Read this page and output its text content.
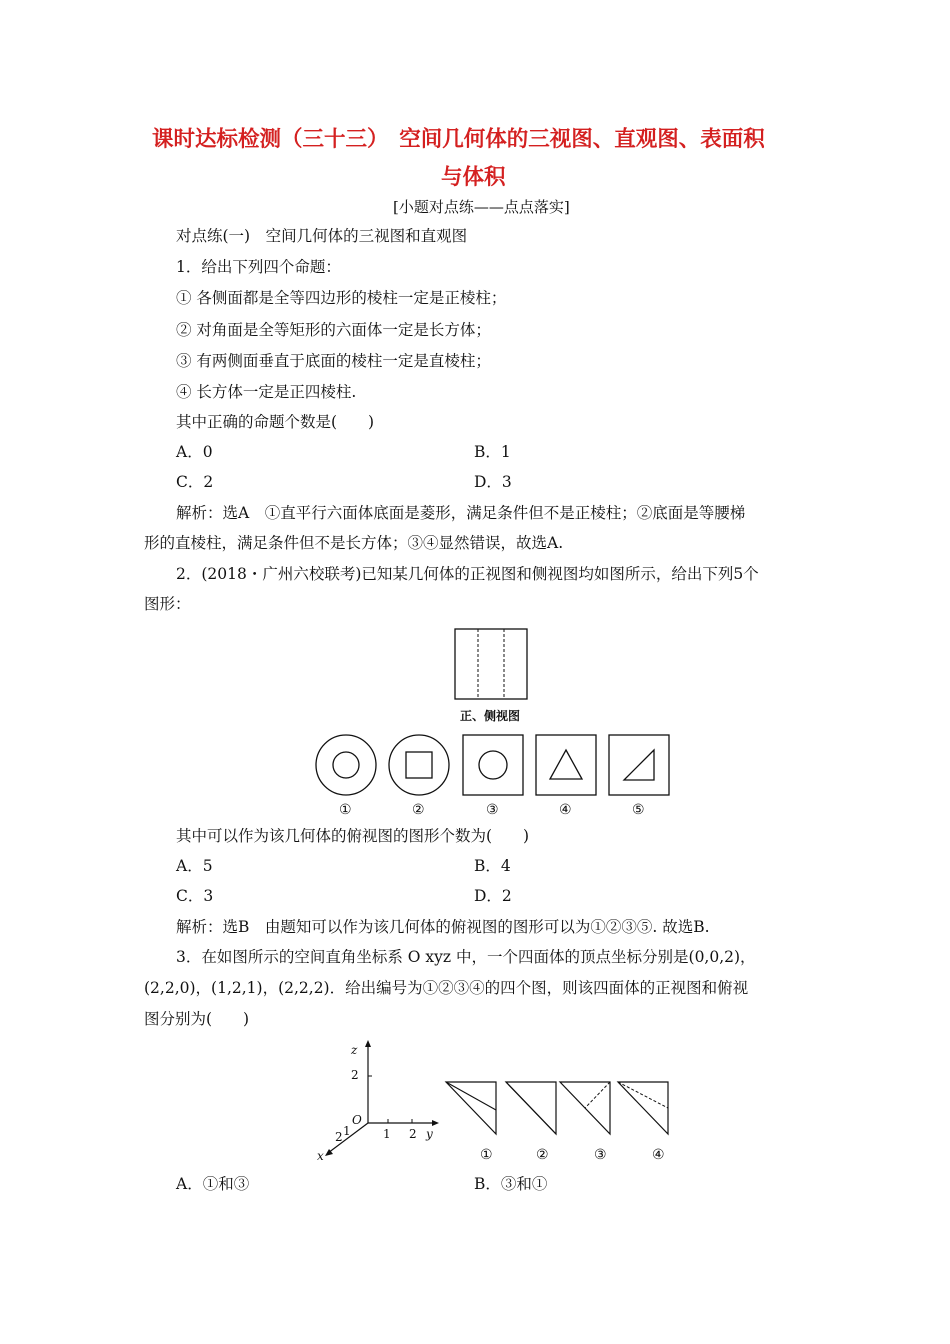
课时达标检测（三十三）　空间几何体的三视图、直观图、表面积
与体积
[小题对点练——点点落实]
对点练(一)　空间几何体的三视图和直观图
1．给出下列四个命题：
① 各侧面都是全等四边形的棱柱一定是正棱柱；
② 对角面是全等矩形的六面体一定是长方体；
③ 有两侧面垂直于底面的棱柱一定是直棱柱；
④ 长方体一定是正四棱柱.
其中正确的命题个数是(　　)
A．0	B．1
C．2	D．3
解析：选A　①直平行六面体底面是菱形，满足条件但不是正棱柱；②底面是等腰梯
形的直棱柱，满足条件但不是长方体；③④显然错误，故选A.
2．(2018・广州六校联考)已知某几何体的正视图和侧视图均如图所示，给出下列5个
图形：
正、侧视图
①	②	③	④	⑤
其中可以作为该几何体的俯视图的图形个数为(　　)
A．5	B．4
C．3	D．2
解析：选B　由题知可以作为该几何体的俯视图的图形可以为①②③⑤. 故选B.
3．在如图所示的空间直角坐标系 O xyz 中，一个四面体的顶点坐标分别是(0,0,2)，
(2,2,0)，(1,2,1)，(2,2,2)．给出编号为①②③④的四个图，则该四面体的正视图和俯视
图分别为(　　)
z
2
O
1 2 y
1
2
x	①	②	③	④
A．①和③	B．③和①
